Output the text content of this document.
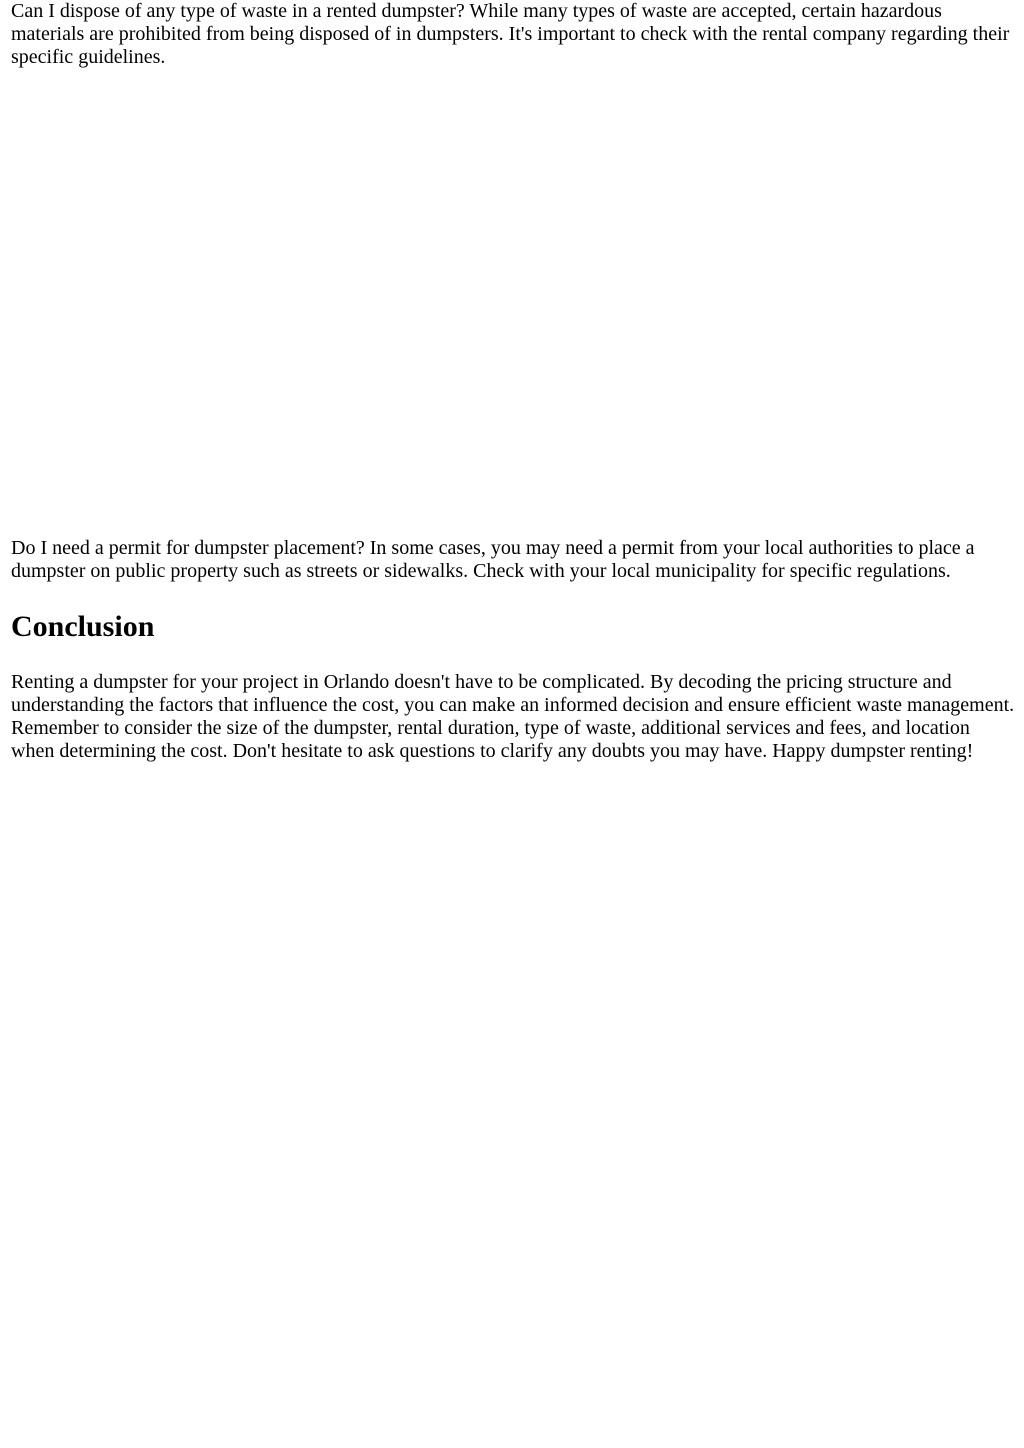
Can I dispose of any type of waste in a rented dumpster? While many types of waste are accepted, certain hazardous materials are prohibited from being disposed of in dumpsters. It's important to check with the rental company regarding their specific guidelines.

Do I need a permit for dumpster placement? In some cases, you may need a permit from your local authorities to place a dumpster on public property such as streets or sidewalks. Check with your local municipality for specific regulations.

Conclusion

Renting a dumpster for your project in Orlando doesn't have to be complicated. By decoding the pricing structure and understanding the factors that influence the cost, you can make an informed decision and ensure efficient waste management. Remember to consider the size of the dumpster, rental duration, type of waste, additional services and fees, and location when determining the cost. Don't hesitate to ask questions to clarify any doubts you may have. Happy dumpster renting!
